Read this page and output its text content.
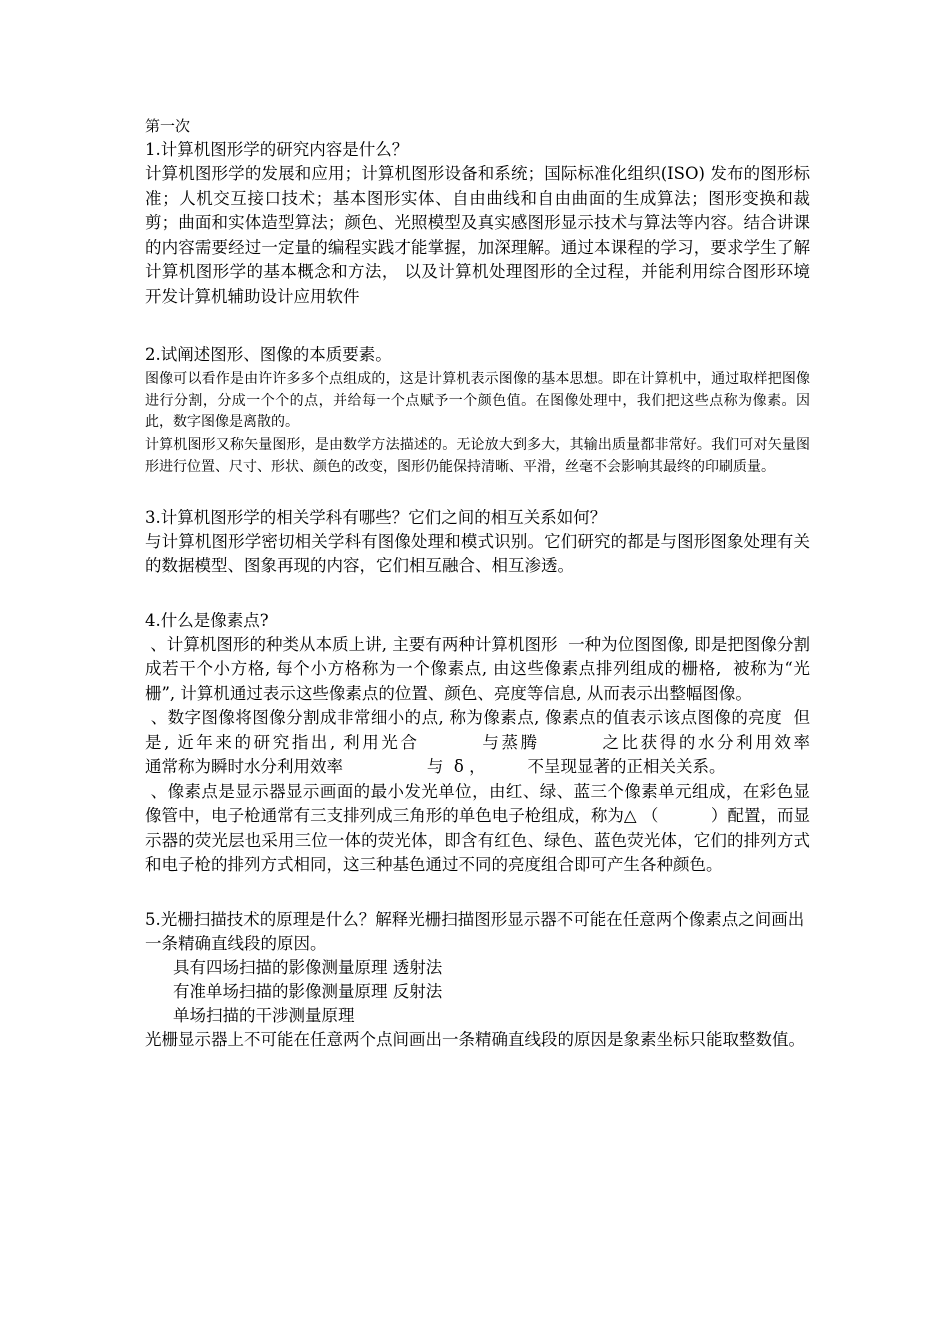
第一次
1.计算机图形学的研究内容是什么？

计算机图形学的发展和应用；计算机图形设备和系统；国际标准化组织(ISO) 发布的图形标准；人机交互接口技术；基本图形实体、自由曲线和自由曲面的生成算法；图形变换和裁剪；曲面和实体造型算法；颜色、光照模型及真实感图形显示技术与算法等内容。结合讲课的内容需要经过一定量的编程实践才能掌握，加深理解。通过本课程的学习，要求学生了解计算机图形学的基本概念和方法， 以及计算机处理图形的全过程，并能利用综合图形环境开发计算机辅助设计应用软件

2.试阐述图形、图像的本质要素。

图像可以看作是由许许多多个点组成的，这是计算机表示图像的基本思想。即在计算机中，通过取样把图像进行分割，分成一个个的点，并给每一个点赋予一个颜色值。在图像处理中，我们把这些点称为像素。因此，数字图像是离散的。

计算机图形又称矢量图形，是由数学方法描述的。无论放大到多大，其输出质量都非常好。我们可对矢量图形进行位置、尺寸、形状、颜色的改变，图形仍能保持清晰、平滑，丝毫不会影响其最终的印刷质量。

3.计算机图形学的相关学科有哪些？它们之间的相互关系如何？

与计算机图形学密切相关学科有图像处理和模式识别。它们研究的都是与图形图象处理有关的数据模型、图象再现的内容，它们相互融合、相互渗透。

4.什么是像素点?

、计算机图形的种类从本质上讲, 主要有两种计算机图形  一种为位图图像, 即是把图像分割成若干个小方格, 每个小方格称为一个像素点, 由这些像素点排列组成的栅格,  被称为“光栅”, 计算机通过表示这些像素点的位置、颜色、亮度等信息, 从而表示出整幅图像。

、数字图像将图像分割成非常细小的点, 称为像素点, 像素点的值表示该点图像的亮度  但是, 近年来的研究指出, 利用光合        与蒸腾        之比获得的水分利用效率                    通常称为瞬时水分利用效率                与  δ ，        不呈现显著的正相关关系。

、像素点是显示器显示画面的最小发光单位，由红、绿、蓝三个像素单元组成，在彩色显像管中，电子枪通常有三支排列成三角形的单色电子枪组成，称为△ （          ）配置，而显示器的荧光层也采用三位一体的荧光体，即含有红色、绿色、蓝色荧光体，它们的排列方式和电子枪的排列方式相同，这三种基色通过不同的亮度组合即可产生各种颜色。

5.光栅扫描技术的原理是什么？解释光栅扫描图形显示器不可能在任意两个像素点之间画出一条精确直线段的原因。
具有四场扫描的影像测量原理 透射法
有准单场扫描的影像测量原理 反射法
单场扫描的干涉测量原理

光栅显示器上不可能在任意两个点间画出一条精确直线段的原因是象素坐标只能取整数值。
